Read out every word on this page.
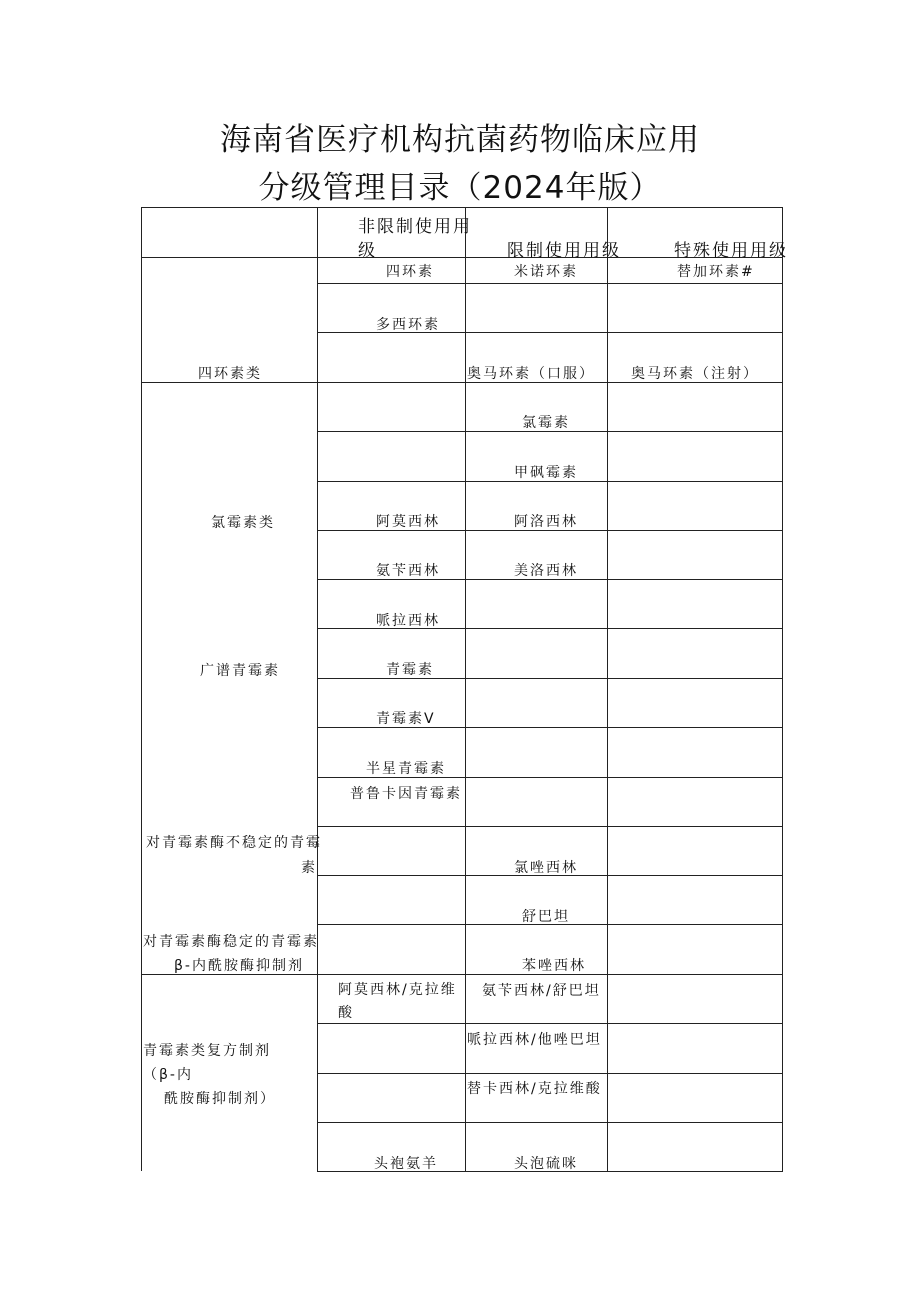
海南省医疗机构抗菌药物临床应用
分级管理目录（2024年版）
非限制使用用
级	限制使用用级	特殊使用用级
四环素类
氯霉素类
广谱青霉素
对青霉素酶不稳定的青霉
素
对青霉素酶稳定的青霉素
β-内酰胺酶抑制剂
青霉素类复方制剂
（β-内
酰胺酶抑制剂）
四环素
多西环素
阿莫西林
氨苄西林
哌拉西林
青霉素
青霉素V
半星青霉素
普鲁卡因青霉素
阿莫西林/克拉维
酸
头袍氨羊
米诺环素
奥马环素（口服）
氯霉素
甲砜霉素
阿洛西林
美洛西林
氯唑西林
舒巴坦
苯唑西林
氨苄西林/舒巴坦
哌拉西林/他唑巴坦
替卡西林/克拉维酸
头泡硫咪
替加环素#
奥马环素（注射）
